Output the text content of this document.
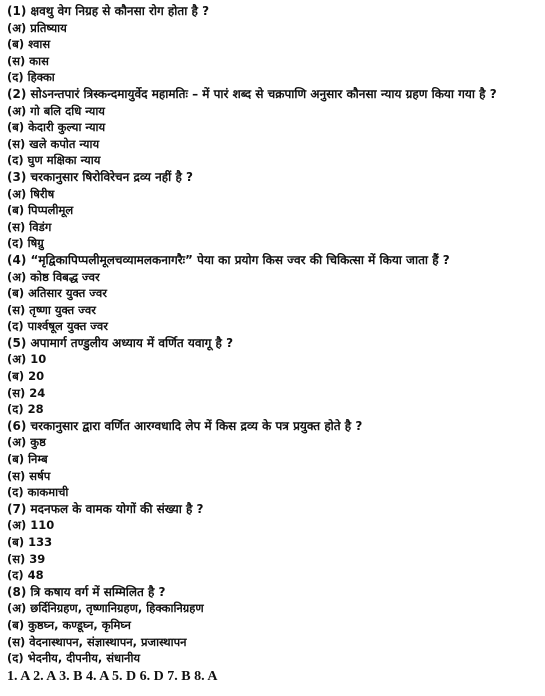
(1) क्षवथु वेग निग्रह से कौनसा रोग होता है ?
(अ) प्रतिष्याय
(ब) श्वास
(स) कास
(द) हिक्का
(2) सोऽनन्तपारं त्रिस्कन्दमायुर्वेद महामतिः – में पारं शब्द से चक्रपाणि अनुसार कौनसा न्याय ग्रहण किया गया है ?
(अ) गो बलि दधि न्याय
(ब) केदारी कुल्या न्याय
(स) खले कपोत न्याय
(द) घुण मक्षिका न्याय
(3) चरकानुसार षिरोविरेचन द्रव्य नहीं है ?
(अ) षिरीष
(ब) पिप्पलीमूल
(स) विडंग
(द) षिग्रु
(4) “मृद्विकापिप्पलीमूलचव्यामलकनागरैः” पेया का प्रयोग किस ज्वर की चिकित्सा में किया जाता हैं ?
(अ) कोष्ठ विबद्ध ज्वर
(ब) अतिसार युक्त ज्वर
(स) तृष्णा युक्त ज्वर
(द) पार्श्वषूल युक्त ज्वर
(5) अपामार्ग तण्डुलीय अध्याय में वर्णित यवागू है ?
(अ) 10
(ब) 20
(स) 24
(द) 28
(6) चरकानुसार द्वारा वर्णित आरग्वधादि लेप में किस द्रव्य के पत्र प्रयुक्त होते है ?
(अ) कुष्ठ
(ब) निम्ब
(स) सर्षप
(द) काकमाची
(7) मदनफल के वामक योगों की संख्या है ?
(अ) 110
(ब) 133
(स) 39
(द) 48
(8) त्रि कषाय वर्ग में सम्मिलित है ?
(अ) छर्दिनिग्रहण, तृष्णानिग्रहण, हिक्कानिग्रहण
(ब) कुष्ठघ्न, कण्डूघ्न, कृमिघ्न
(स) वेदनास्थापन, संज्ञास्थापन, प्रजास्थापन
(द) भेदनीय, दीपनीय, संधानीय
1. A 2. A 3. B 4. A 5. D 6. D 7. B 8. A
